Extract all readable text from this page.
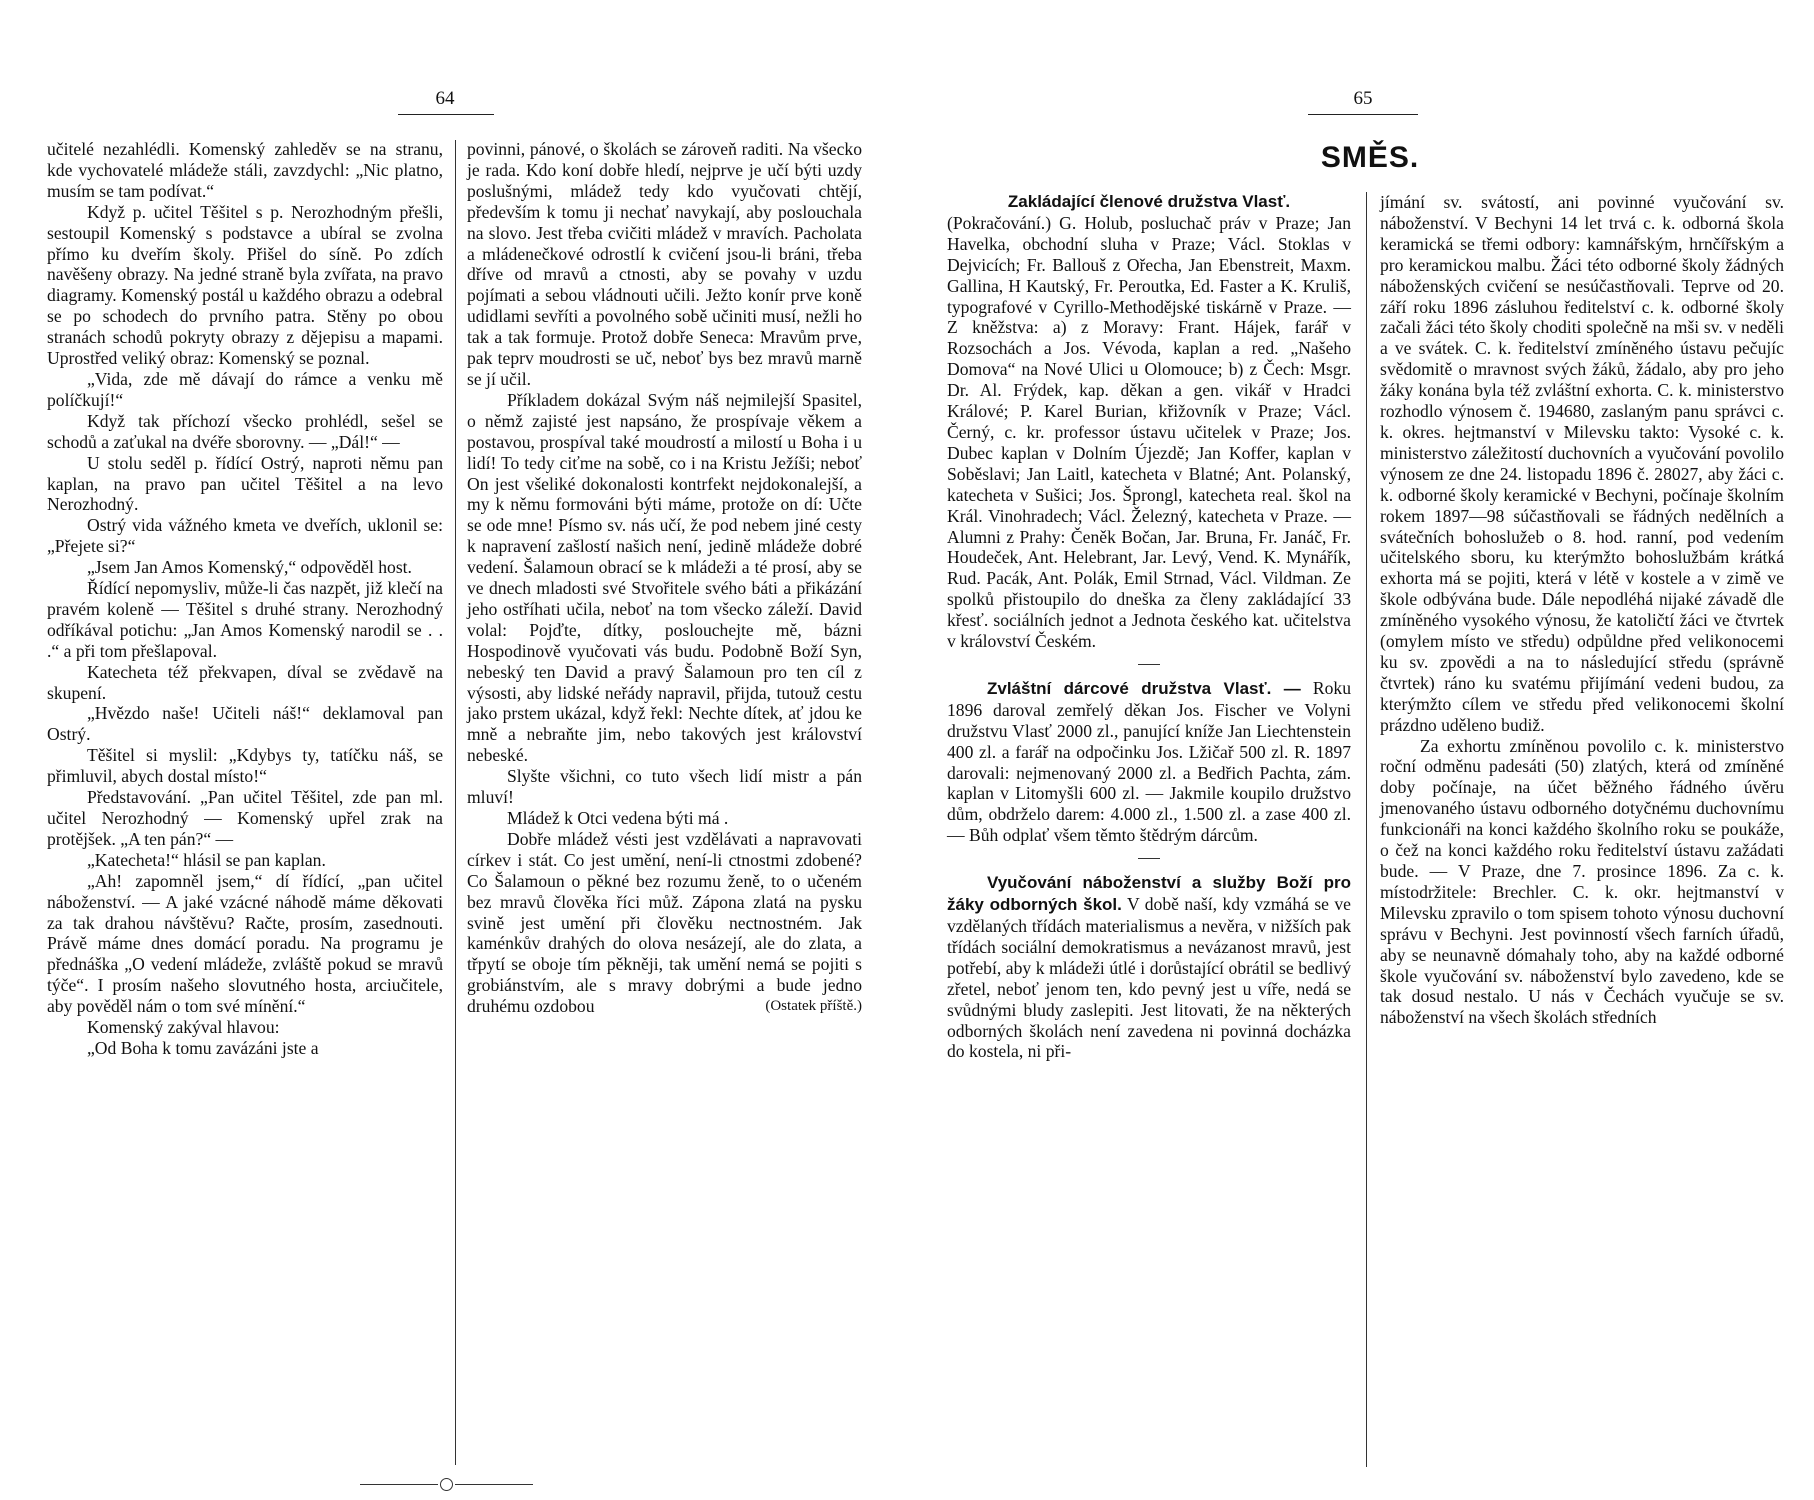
64

učitelé nezahlédli. Komenský zahleděv se na stranu, kde vychovatelé mládeže stáli, zavzdychl: „Nic platno, musím se tam podívat.“

Když p. učitel Těšitel s p. Nerozhodným přešli, sestoupil Komenský s podstavce a ubíral se zvolna přímo ku dveřím školy. Přišel do síně. Po zdích navěšeny obrazy. Na jedné straně byla zvířata, na pravo diagramy. Komenský postál u každého obrazu a odebral se po schodech do prvního patra. Stěny po obou stranách schodů pokryty obrazy z dějepisu a mapami. Uprostřed veliký obraz: Komenský se poznal.

„Vida, zde mě dávají do rámce a venku mě políčkují!“

Když tak příchozí všecko prohlédl, sešel se schodů a zaťukal na dvéře sborovny. — „Dál!“ —

U stolu seděl p. řídící Ostrý, naproti němu pan kaplan, na pravo pan učitel Těšitel a na levo Nerozhodný.

Ostrý vida vážného kmeta ve dveřích, uklonil se: „Přejete si?“

„Jsem Jan Amos Komenský,“ odpověděl host.

Řídící nepomysliv, může-li čas nazpět, již klečí na pravém koleně — Těšitel s druhé strany. Nerozhodný odříkával potichu: „Jan Amos Komenský narodil se . . .“ a při tom přešlapoval.

Katecheta též překvapen, díval se zvědavě na skupení.

„Hvězdo naše! Učiteli náš!“ deklamoval pan Ostrý.

Těšitel si myslil: „Kdybys ty, tatíčku náš, se přimluvil, abych dostal místo!“

Představování. „Pan učitel Těšitel, zde pan ml. učitel Nerozhodný — Komenský upřel zrak na protějšek. „A ten pán?“ —

„Katecheta!“ hlásil se pan kaplan.

„Ah! zapomněl jsem,“ dí řídící, „pan učitel náboženství. — A jaké vzácné náhodě máme děkovati za tak drahou návštěvu? Račte, prosím, zasednouti. Právě máme dnes domácí poradu. Na programu je přednáška „O vedení mládeže, zvláště pokud se mravů týče“. I prosím našeho slovutného hosta, arciučitele, aby pověděl nám o tom své mínění.“

Komenský zakýval hlavou:

„Od Boha k tomu zavázáni jste a

povinni, pánové, o školách se zároveň raditi. Na všecko je rada. Kdo koní dobře hledí, nejprve je učí býti uzdy poslušnými, mládež tedy kdo vyučovati chtějí, především k tomu ji nechať navykají, aby poslouchala na slovo. Jest třeba cvičiti mládež v mravích. Pacholata a mládenečkové odrostlí k cvičení jsou-li bráni, třeba dříve od mravů a ctnosti, aby se povahy v uzdu pojímati a sebou vládnouti učili. Ježto konír prve koně udidlami sevříti a povolného sobě učiniti musí, nežli ho tak a tak formuje. Protož dobře Seneca: Mravům prve, pak teprv moudrosti se uč, neboť bys bez mravů marně se jí učil.

Příkladem dokázal Svým náš nejmilejší Spasitel, o němž zajisté jest napsáno, že prospívaje věkem a postavou, prospíval také moudrostí a milostí u Boha i u lidí! To tedy ciťme na sobě, co i na Kristu Ježíši; neboť On jest všeliké dokonalosti kontrfekt nejdokonalejší, a my k němu formováni býti máme, protože on dí: Učte se ode mne! Písmo sv. nás učí, že pod nebem jiné cesty k napravení zašlostí našich není, jedině mládeže dobré vedení. Šalamoun obrací se k mládeži a té prosí, aby se ve dnech mladosti své Stvořitele svého báti a přikázání jeho ostříhati učila, neboť na tom všecko záleží. David volal: Pojďte, dítky, poslouchejte mě, bázni Hospodinově vyučovati vás budu. Podobně Boží Syn, nebeský ten David a pravý Šalamoun pro ten cíl z výsosti, aby lidské neřády napravil, přijda, tutouž cestu jako prstem ukázal, když řekl: Nechte dítek, ať jdou ke mně a nebraňte jim, nebo takových jest království nebeské.

Slyšte všichni, co tuto všech lidí mistr a pán mluví!

Mládež k Otci vedena býti má .

Dobře mládež vésti jest vzdělávati a napravovati církev i stát. Co jest umění, není-li ctnostmi zdobené? Co Šalamoun o pěkné bez rozumu ženě, to o učeném bez mravů člověka říci můž. Zápona zlatá na pysku svině jest umění při člověku nectnostném. Jak kaménkův drahých do olova nesázejí, ale do zlata, a třpytí se oboje tím pěkněji, tak umění nemá se pojiti s grobiánstvím, ale s mravy dobrými a bude jedno druhému ozdobou	(Ostatek příště.)

65
SMĚS.

Zakládající členové družstva Vlasť.

(Pokračování.) G. Holub, posluchač práv v Praze; Jan Havelka, obchodní sluha v Praze; Václ. Stoklas v Dejvicích; Fr. Ballouš z Ořecha, Jan Ebenstreit, Maxm. Gallina, H Kautský, Fr. Peroutka, Ed. Faster a K. Kruliš, typografové v Cyrillo-Methodějské tiskárně v Praze. — Z kněžstva: a) z Moravy: Frant. Hájek, farář v Rozsochách a Jos. Vévoda, kaplan a red. „Našeho Domova“ na Nové Ulici u Olomouce; b) z Čech: Msgr. Dr. Al. Frýdek, kap. děkan a gen. vikář v Hradci Králové; P. Karel Burian, křižovník v Praze; Václ. Černý, c. kr. professor ústavu učitelek v Praze; Jos. Dubec kaplan v Dolním Újezdě; Jan Koffer, kaplan v Soběslavi; Jan Laitl, katecheta v Blatné; Ant. Polanský, katecheta v Sušici; Jos. Šprongl, katecheta real. škol na Král. Vinohradech; Václ. Železný, katecheta v Praze. — Alumni z Prahy: Čeněk Bočan, Jar. Bruna, Fr. Janáč, Fr. Houdeček, Ant. Helebrant, Jar. Levý, Vend. K. Mynářík, Rud. Pacák, Ant. Polák, Emil Strnad, Václ. Vildman. Ze spolků přistoupilo do dneška za členy zakládající 33 křesť. sociálních jednot a Jednota českého kat. učitelstva v království Českém.

Zvláštní dárcové družstva Vlasť. — Roku 1896 daroval zemřelý děkan Jos. Fischer ve Volyni družstvu Vlasť 2000 zl., panující kníže Jan Liechtenstein 400 zl. a farář na odpočinku Jos. Lžičař 500 zl. R. 1897 darovali: nejmenovaný 2000 zl. a Bedřich Pachta, zám. kaplan v Litomyšli 600 zl. — Jakmile koupilo družstvo dům, obdrželo darem: 4.000 zl., 1.500 zl. a zase 400 zl. — Bůh odplať všem těmto štědrým dárcům.

Vyučování náboženství a služby Boží pro žáky odborných škol. V době naší, kdy vzmáhá se ve vzdělaných třídách materialismus a nevěra, v nižších pak třídách sociální demokratismus a nevázanost mravů, jest potřebí, aby k mládeži útlé i dorůstající obrátil se bedlivý zřetel, neboť jenom ten, kdo pevný jest u víře, nedá se svůdnými bludy zaslepiti. Jest litovati, že na některých odborných školách není zavedena ni povinná docházka do kostela, ni při-

jímání sv. svátostí, ani povinné vyučování sv. náboženství. V Bechyni 14 let trvá c. k. odborná škola keramická se třemi odbory: kamnářským, hrnčířským a pro keramickou malbu. Žáci této odborné školy žádných náboženských cvičení se nesúčastňovali. Teprve od 20. září roku 1896 zásluhou ředitelství c. k. odborné školy začali žáci této školy choditi společně na mši sv. v neděli a ve svátek. C. k. ředitelství zmíněného ústavu pečujíc svědomitě o mravnost svých žáků, žádalo, aby pro jeho žáky konána byla též zvláštní exhorta. C. k. ministerstvo rozhodlo výnosem č. 194680, zaslaným panu správci c. k. okres. hejtmanství v Milevsku takto: Vysoké c. k. ministerstvo záležitostí duchovních a vyučování povolilo výnosem ze dne 24. listopadu 1896 č. 28027, aby žáci c. k. odborné školy keramické v Bechyni, počínaje školním rokem 1897—98 súčastňovali se řádných nedělních a svátečních bohoslužeb o 8. hod. ranní, pod vedením učitelského sboru, ku kterýmžto bohoslužbám krátká exhorta má se pojiti, která v létě v kostele a v zimě ve škole odbývána bude. Dále nepodléhá nijaké závadě dle zmíněného vysokého výnosu, že katoličtí žáci ve čtvrtek (omylem místo ve středu) odpůldne před velikonocemi ku sv. zpovědi a na to následující středu (správně čtvrtek) ráno ku svatému přijímání vedeni budou, za kterýmžto cílem ve středu před velikonocemi školní prázdno uděleno budiž.

Za exhortu zmíněnou povolilo c. k. ministerstvo roční odměnu padesáti (50) zlatých, která od zmíněné doby počínaje, na účet běžného řádného úvěru jmenovaného ústavu odborného dotyčnému duchovnímu funkcionáři na konci každého školního roku se poukáže, o čež na konci každého roku ředitelství ústavu zažádati bude. — V Praze, dne 7. prosince 1896. Za c. k. místodržitele: Brechler. C. k. okr. hejtmanství v Milevsku zpravilo o tom spisem tohoto výnosu duchovní správu v Bechyni. Jest povinností všech farních úřadů, aby se neunavně dómahaly toho, aby na každé odborné škole vyučování sv. náboženství bylo zavedeno, kde se tak dosud nestalo. U nás v Čechách vyučuje se sv. náboženství na všech školách středních
